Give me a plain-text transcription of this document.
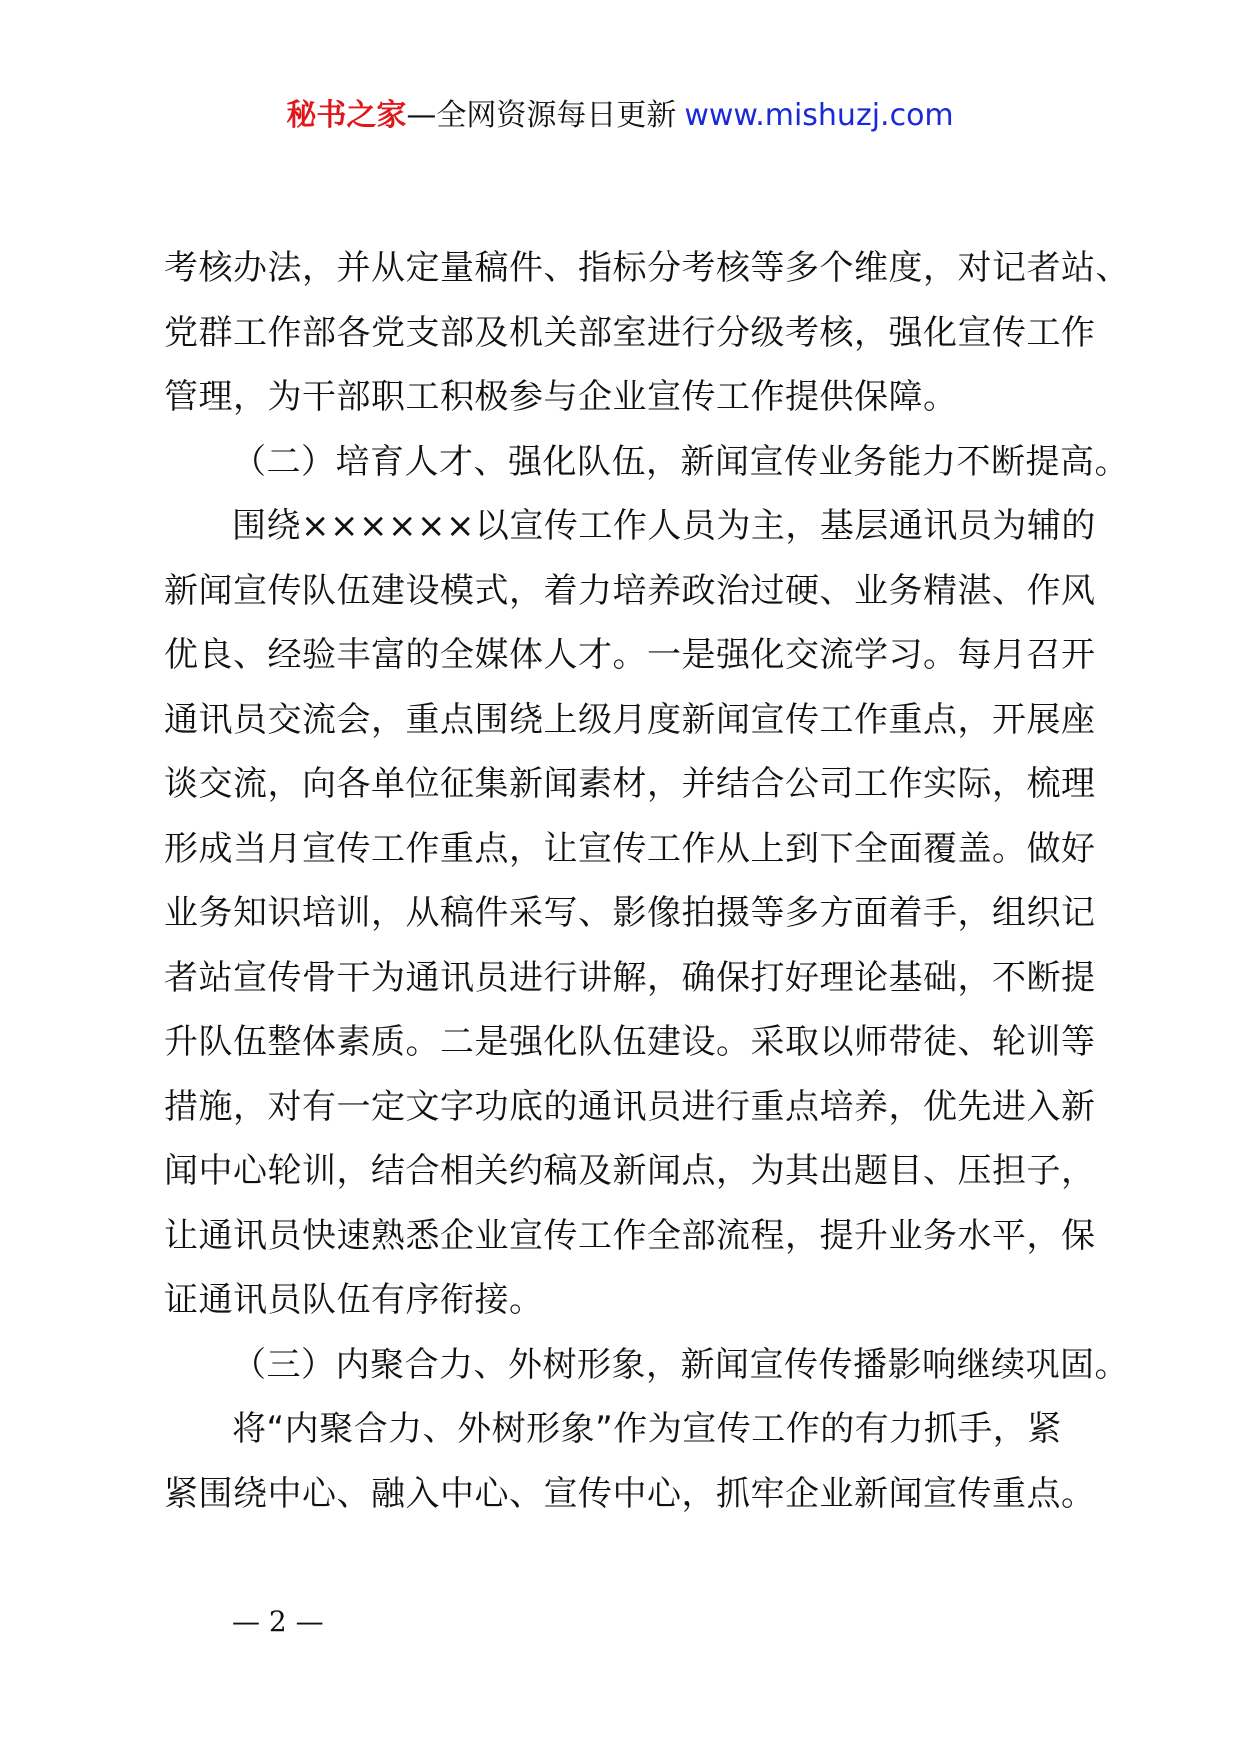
秘书之家—全网资源每日更新 www.mishuzj.com
考核办法，并从定量稿件、指标分考核等多个维度，对记者站、
党群工作部各党支部及机关部室进行分级考核，强化宣传工作
管理，为干部职工积极参与企业宣传工作提供保障。
（二）培育人才、强化队伍，新闻宣传业务能力不断提高。
围绕××××××以宣传工作人员为主，基层通讯员为辅的
新闻宣传队伍建设模式，着力培养政治过硬、业务精湛、作风
优良、经验丰富的全媒体人才。一是强化交流学习。每月召开
通讯员交流会，重点围绕上级月度新闻宣传工作重点，开展座
谈交流，向各单位征集新闻素材，并结合公司工作实际，梳理
形成当月宣传工作重点，让宣传工作从上到下全面覆盖。做好
业务知识培训，从稿件采写、影像拍摄等多方面着手，组织记
者站宣传骨干为通讯员进行讲解，确保打好理论基础，不断提
升队伍整体素质。二是强化队伍建设。采取以师带徒、轮训等
措施，对有一定文字功底的通讯员进行重点培养，优先进入新
闻中心轮训，结合相关约稿及新闻点，为其出题目、压担子，
让通讯员快速熟悉企业宣传工作全部流程，提升业务水平，保
证通讯员队伍有序衔接。
（三）内聚合力、外树形象，新闻宣传传播影响继续巩固。
将“内聚合力、外树形象”作为宣传工作的有力抓手，紧
紧围绕中心、融入中心、宣传中心，抓牢企业新闻宣传重点。
— 2 —
